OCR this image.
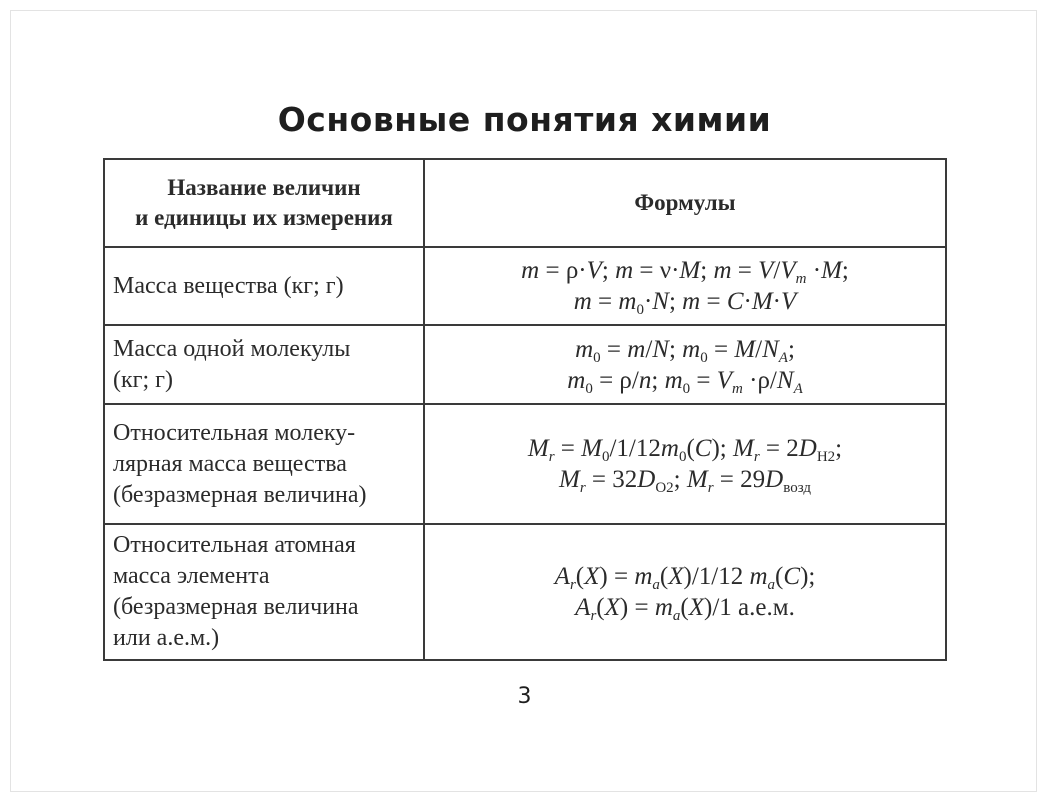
Основные понятия химии
Название величин
и единицы их измерения	Формулы

Масса вещества (кг; г)	m = ρ·V; m = ν·M; $m = V/V_m \cdot M$;
$m = m_0\cdot N$; m = C·M·V

Масса одной молекулы
(кг; г)	$m_0 = m/N$; $m_0 = M/N_A$;
$m_0 = \rho/n$; $m_0 = V_m \cdot\rho/N_A$

Относительная молеку-
лярная масса вещества
(безразмерная величина)	$M_r = M_0/1/12m_0(C)$; $M_r = 2D_{H2}$;
$M_r = 32D_{O2}$; $M_r = 29D_{возд}$

Относительная атомная
масса элемента
(безразмерная величина
или а.е.м.)	$A_r(X) = m_a(X)/1/12$ $m_a(C)$;
$A_r(X) = m_a(X)/1$ а.е.м.
3
